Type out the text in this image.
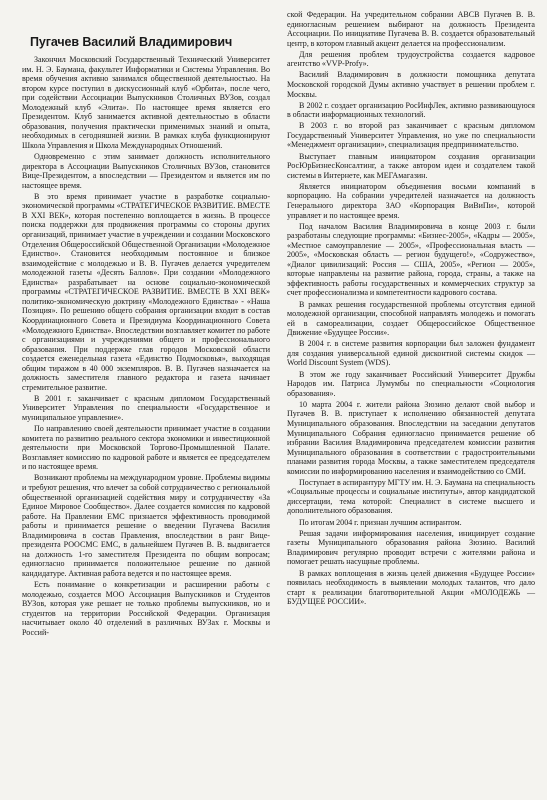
Пугачев Василий Владимирович

Закончил Московский Государственный Технический Университет им. Н. Э. Баумана, факультет Информатики и Системы Управления. Во время обучения активно занимался общественной деятельностью. На втором курсе поступил в дискуссионный клуб «Орбита», после чего, при содействии Ассоциации Выпускников Столичных ВУЗов, создал Молодежный клуб «Элита». По настоящее время является его Президентом. Клуб занимается активной деятельностью в области образования, получения практически применимых знаний и опыта, необходимых в сегодняшней жизни. В рамках клуба функционируют Школа Управления и Школа Международных Отношений.

Одновременно с этим занимает должность исполнительного директора в Ассоциации Выпускников Столичных ВУЗов, становится Вице-Президентом, а впоследствии — Президентом и является им по настоящее время.

В это время принимает участие в разработке социально-экономической программы «СТРАТЕГИЧЕСКОЕ РАЗВИТИЕ. ВМЕСТЕ В XXI ВЕК», которая постепенно воплощается в жизнь. В процессе поиска поддержки для продвижения программы со стороны других организаций, принимает участие в учреждении и создании Московского Отделения Общероссийской Общественной Организации «Молодежное Единство». Становится необходимым постоянное и близкое взаимодействие с молодежью и В. В. Пугачев делается учредителем молодежной газеты «Десять Баллов». При создании «Молодежного Единства» разрабатывает на основе социально-экономической программы «СТРАТЕГИЧЕСКОЕ РАЗВИТИЕ. ВМЕСТЕ В XXI ВЕК» политико-экономическую доктрину «Молодежного Единства» - «Наша Позиция». По решению общего собрания организации входит в состав Координационного Совета и Президиума Координационного Совета «Молодежного Единства». Впоследствии возглавляет комитет по работе с организациями и учреждениями общего и профессионального образования. При поддержке глав городов Московской области создается еженедельная газета «Единство Подмосковья», выходящая общим тиражом в 40 000 экземпляров. В. В. Пугачев назначается на должность заместителя главного редактора и газета начинает стремительное развитие.

В 2001 г. заканчивает с красным дипломом Государственный Университет Управления по специальности «Государственное и муниципальное управление».

По направлению своей деятельности принимает участие в создании комитета по развитию реального сектора экономики и инвестиционной деятельности при Московской Торгово-Промышленной Палате. Возглавляет комиссию по кадровой работе и является ее председателем и по настоящее время.

Возникают проблемы на международном уровне. Проблемы видимы и требуют решения, что влечет за собой сотрудничество с региональной общественной организацией содействия миру и сотрудничеству «За Единое Мировое Сообщество». Далее создается комиссия по кадровой работе. На Правлении ЕМС признается эффективность проводимой работы и принимается решение о введении Пугачева Василия Владимировича в состав Правления, впоследствии в ранг Вице-президента РООСМС ЕМС, в дальнейшем Пугачев В. В. выдвигается на должность 1-го заместителя Президента по общим вопросам; единогласно принимается положительное решение по данной кандидатуре. Активная работа ведется и по настоящее время.

Есть понимание о конкретизации и расширении работы с молодежью, создается МОО Ассоциация Выпускников и Студентов ВУЗов, которая уже решает не только проблемы выпускников, но и студентов на территории Российской Федерации. Организация насчитывает около 40 отделений в различных ВУЗах г. Москвы и Россий-

ской Федерации. На учредительном собрании АВСВ Пугачев В. В. единогласным решением выбирают на должность Президента Ассоциации. По инициативе Пугачева В. В. создается образовательный центр, в котором главный акцент делается на профессионализм.

Для решения проблем трудоустройства создается кадровое агентство «VVP-Profy».

Василий Владимирович в должности помощника депутата Московской городской Думы активно участвует в решении проблем г. Москвы.

В 2002 г. создает организацию РосИнфЛек, активно развивающуюся в области информационных технологий.

В 2003 г. во второй раз заканчивает с красным дипломом Государственный Университет Управления, но уже по специальности «Менеджмент организации», специализация предпринимательство.

Выступает главным инициатором создания организации РосЮрБизнесКонсалтинг, а также автором идеи и создателем такой системы в Интернете, как МЕГАмагазин.

Является инициатором объединения восьми компаний в корпорацию. На собрании учредителей назначается на должность Генерального директора ЗАО «Корпорация ВиВиПи», которой управляет и по настоящее время.

Под началом Василия Владимировича в конце 2003 г. были разработаны следующие программы: «Бизнес-2005», «Кадры — 2005», «Местное самоуправление — 2005», «Профессиональная власть — 2005», «Московская область — регион будущего!», «Содружество», «Диалог цивилизаций: Россия — США, 2005», «Регион — 2005», которые направлены на развитие района, города, страны, а также на эффективность работы государственных и коммерческих структур за счет профессионализма и компетентности кадрового состава.

В рамках решения государственной проблемы отсутствия единой молодежной организации, способной направлять молодежь и помогать ей в самореализации, создает Общероссийское Общественное Движение «Будущее России».

В 2004 г. в системе развития корпорации был заложен фундамент для создания универсальной единой дисконтной системы скидок — World Discount System (WDS).

В этом же году заканчивает Российский Университет Дружбы Народов им. Патриса Лумумбы по специальности «Социология образования».

10 марта 2004 г. жители района Зюзино делают свой выбор и Пугачев В. В. приступает к исполнению обязанностей депутата Муниципального образования. Впоследствии на заседании депутатов Муниципального Собрания единогласно принимается решение об избрании Василия Владимировича председателем комиссии развития Муниципального образования в соответствии с градостроительными планами развития города Москвы, а также заместителем председателя комиссии по информированию населения и взаимодействию со СМИ.

Поступает в аспирантуру МГТУ им. Н. Э. Баумана на специальность «Социальные процессы и социальные институты», автор кандидатской диссертации, тема которой: Специалист в системе высшего и дополнительного образования.

По итогам 2004 г. признан лучшим аспирантом.

Решая задачи информирования населения, инициирует создание газеты Муниципального образования района Зюзино. Василий Владимирович регулярно проводит встречи с жителями района и помогает решать насущные проблемы.

В рамках воплощения в жизнь целей движения «Будущее России» появилась необходимость в выявлении молодых талантов, что дало старт к реализации благотворительной Акции «МОЛОДЕЖЬ — БУДУЩЕЕ РОССИИ».
